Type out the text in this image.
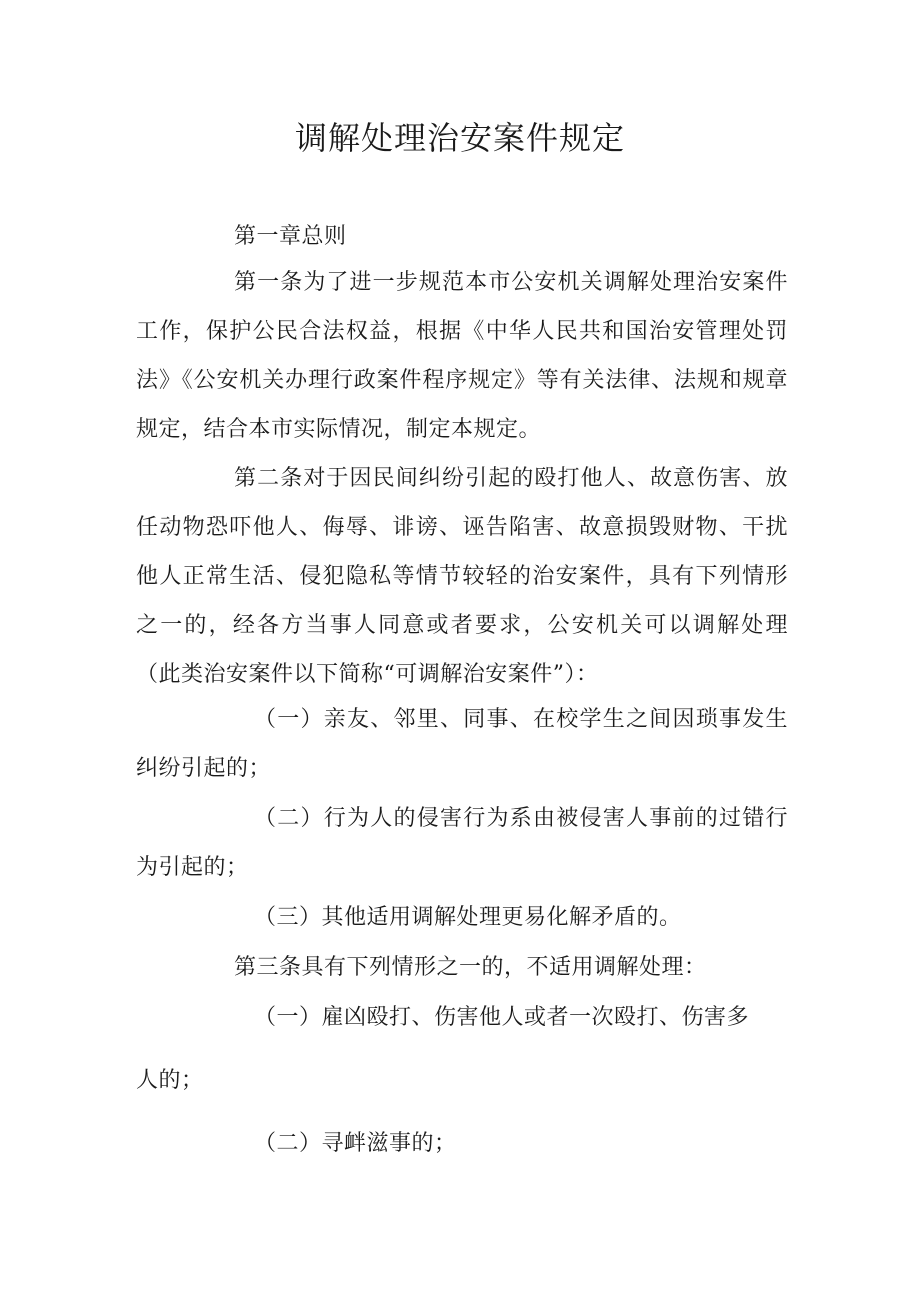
调解处理治安案件规定

第一章总则

第一条为了进一步规范本市公安机关调解处理治安案件工作，保护公民合法权益，根据《中华人民共和国治安管理处罚法》《公安机关办理行政案件程序规定》等有关法律、法规和规章规定，结合本市实际情况，制定本规定。

第二条对于因民间纠纷引起的殴打他人、故意伤害、放任动物恐吓他人、侮辱、诽谤、诬告陷害、故意损毁财物、干扰他人正常生活、侵犯隐私等情节较轻的治安案件，具有下列情形之一的，经各方当事人同意或者要求，公安机关可以调解处理（此类治安案件以下简称“可调解治安案件”）：

（一）亲友、邻里、同事、在校学生之间因琐事发生纠纷引起的；

（二）行为人的侵害行为系由被侵害人事前的过错行为引起的；

（三）其他适用调解处理更易化解矛盾的。

第三条具有下列情形之一的，不适用调解处理：

（一）雇凶殴打、伤害他人或者一次殴打、伤害多

人的；

（二）寻衅滋事的；
